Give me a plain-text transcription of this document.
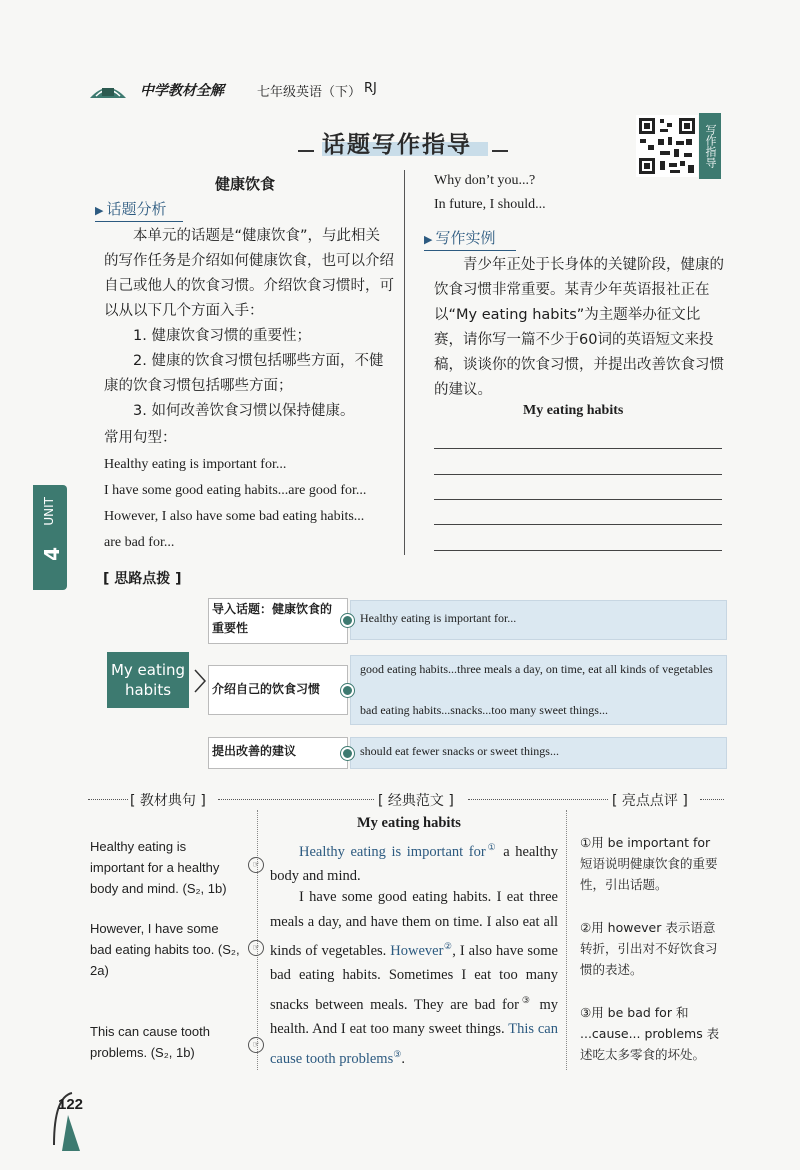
中学教材全解	七年级英语（下） RJ
话题写作指导	写作指导
健康饮食
▶ 话题分析
本单元的话题是“健康饮食”，与此相关的写作任务是介绍如何健康饮食，也可以介绍自己或他人的饮食习惯。介绍饮食习惯时，可以从以下几个方面入手：
1. 健康饮食习惯的重要性；
2. 健康的饮食习惯包括哪些方面，不健康的饮食习惯包括哪些方面；
3. 如何改善饮食习惯以保持健康。
常用句型：
Healthy eating is important for...
I have some good eating habits...are good for...
However, I also have some bad eating habits...
are bad for...
Why don’t you...?
In future, I should...
▶ 写作实例
青少年正处于长身体的关键阶段，健康的饮食习惯非常重要。某青少年英语报社正在以“My eating habits”为主题举办征文比赛，请你写一篇不少于60词的英语短文来投稿，谈谈你的饮食习惯，并提出改善饮食习惯的建议。
My eating habits
UNIT
4
[ 思路点拨 ]
My eating habits
导入话题：健康饮食的重要性
Healthy eating is important for...
介绍自己的饮食习惯
good eating habits...three meals a day, on time, eat all kinds of vegetables
bad eating habits...snacks...too many sweet things...
提出改善的建议	should eat fewer snacks or sweet things...
[ 教材典句 ]	[ 经典范文 ]	[ 亮点点评 ]
Healthy eating is important for a healthy body and mind. (S₂, 1b)
However, I have some bad eating habits too. (S₂, 2a)
This can cause tooth problems. (S₂, 1b)
☞
☞
☞
My eating habits
Healthy eating is important for① a healthy body and mind.
I have some good eating habits. I eat three meals a day, and have them on time. I also eat all kinds of vegetables. However②, I also have some bad eating habits. Sometimes I eat too many snacks between meals. They are bad for③ my health. And I eat too many sweet things. This can cause tooth problems③.
①用 be important for 短语说明健康饮食的重要性，引出话题。
②用 however 表示语意转折，引出对不好饮食习惯的表述。
③用 be bad for 和 ...cause... problems 表述吃太多零食的坏处。
122
